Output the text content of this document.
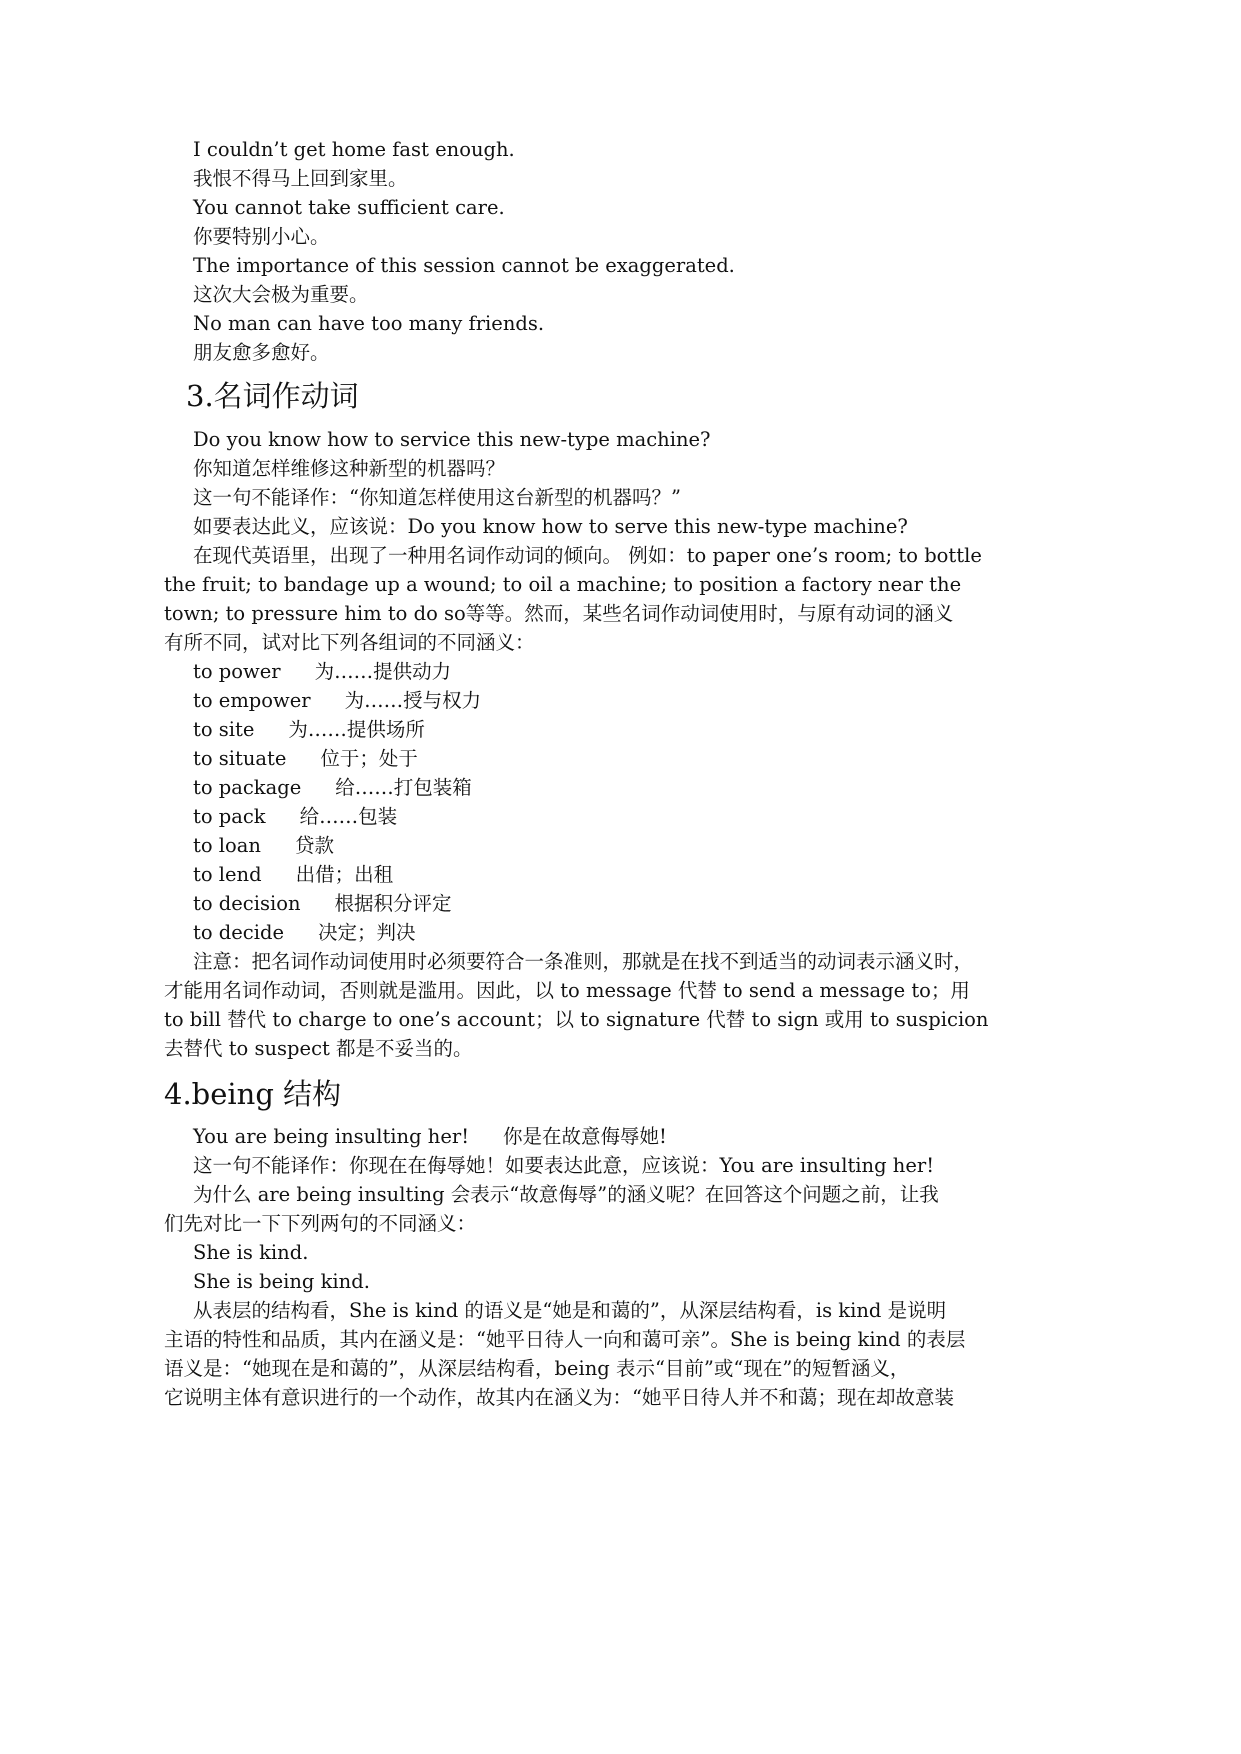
I couldn’t get home fast enough.
我恨不得马上回到家里。
You cannot take sufficient care.
你要特别小心。
The importance of this session cannot be exaggerated.
这次大会极为重要。
No man can have too many friends.
朋友愈多愈好。
3.名词作动词
Do you know how to service this new-type machine?
你知道怎样维修这种新型的机器吗？
这一句不能译作：“你知道怎样使用这台新型的机器吗？”
如要表达此义，应该说：Do you know how to serve this new-type machine?
在现代英语里，出现了一种用名词作动词的倾向。 例如：to paper one’s room; to bottle
the fruit; to bandage up a wound; to oil a machine; to position a factory near the
town; to pressure him to do so等等。然而，某些名词作动词使用时，与原有动词的涵义
有所不同，试对比下列各组词的不同涵义：
to power 为……提供动力
to empower 为……授与权力
to site 为……提供场所
to situate 位于；处于
to package 给……打包装箱
to pack 给……包装
to loan 贷款
to lend 出借；出租
to decision 根据积分评定
to decide 决定；判决
注意：把名词作动词使用时必须要符合一条准则，那就是在找不到适当的动词表示涵义时，
才能用名词作动词，否则就是滥用。因此，以 to message 代替 to send a message to；用
to bill 替代 to charge to one’s account；以 to signature 代替 to sign 或用 to suspicion
去替代 to suspect 都是不妥当的。
4.being 结构
You are being insulting her! 你是在故意侮辱她!
这一句不能译作：你现在在侮辱她！如要表达此意，应该说：You are insulting her!
为什么 are being insulting 会表示“故意侮辱”的涵义呢？在回答这个问题之前，让我
们先对比一下下列两句的不同涵义：
She is kind.
She is being kind.
从表层的结构看，She is kind 的语义是“她是和蔼的”，从深层结构看，is kind 是说明
主语的特性和品质，其内在涵义是：“她平日待人一向和蔼可亲”。She is being kind 的表层
语义是：“她现在是和蔼的”，从深层结构看，being 表示“目前”或“现在”的短暂涵义，
它说明主体有意识进行的一个动作，故其内在涵义为：“她平日待人并不和蔼；现在却故意装
